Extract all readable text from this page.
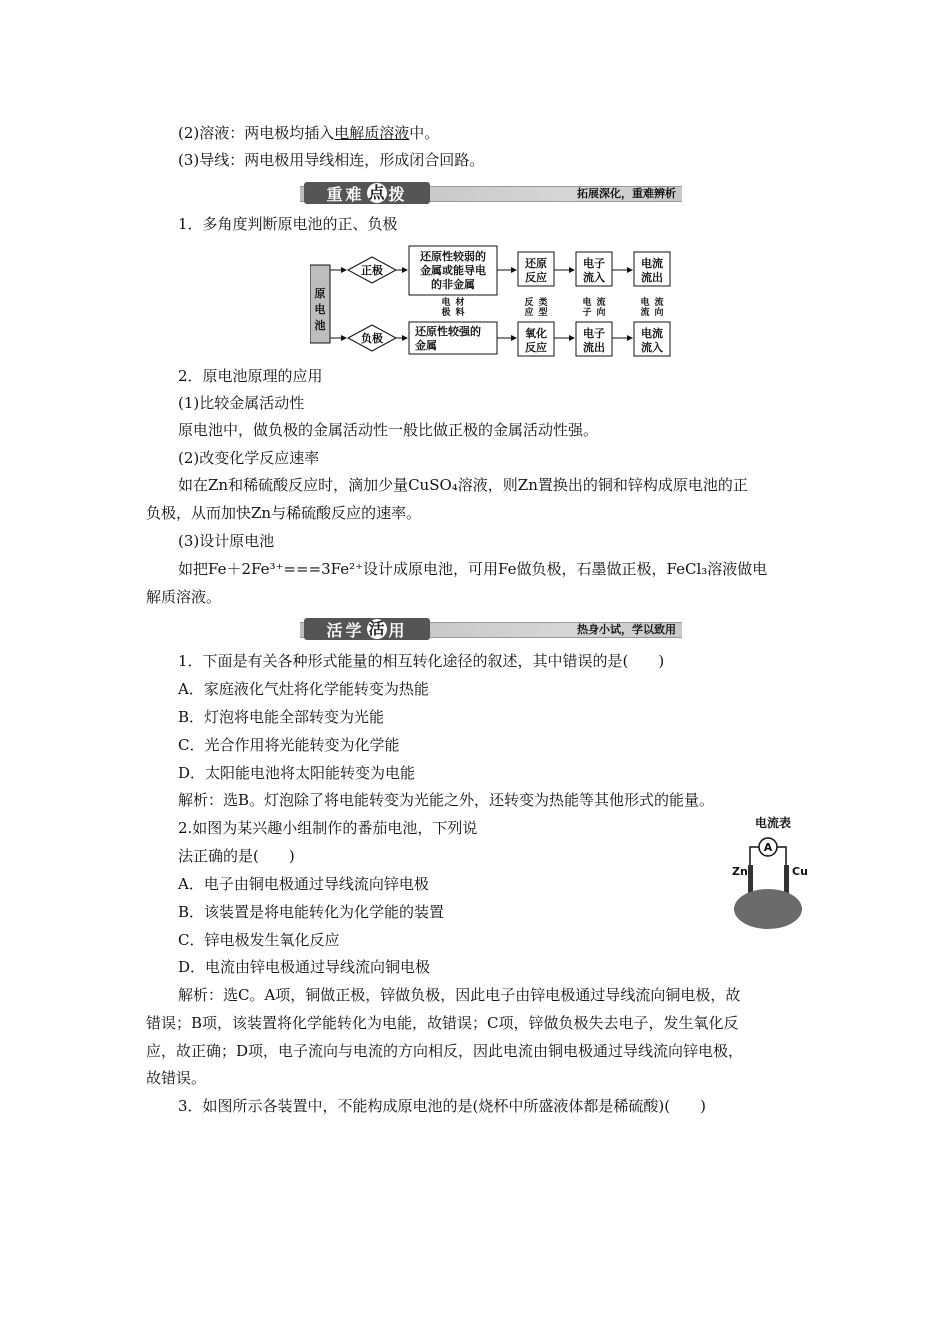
(2)溶液：两电极均插入电解质溶液中。
(3)导线：两电极用导线相连，形成闭合回路。
重难 点 拨	拓展深化，重难辨析
1．多角度判断原电池的正、负极
原
电
池
正极
负极
还原性较弱的
金属或能导电
的非金属
还原性较强的
金属
还原
反应
氧化
反应
电子
流入
电子
流出
电流
流出
电流
流入
电
极
材
料
反
应
类
型
电
子
流
向
电
流
流
向
2．原电池原理的应用
(1)比较金属活动性
原电池中，做负极的金属活动性一般比做正极的金属活动性强。
(2)改变化学反应速率
如在Zn和稀硫酸反应时，滴加少量CuSO₄溶液，则Zn置换出的铜和锌构成原电池的正
负极，从而加快Zn与稀硫酸反应的速率。
(3)设计原电池
如把Fe＋2Fe³⁺===3Fe²⁺设计成原电池，可用Fe做负极，石墨做正极，FeCl₃溶液做电
解质溶液。
活学 活 用	热身小试，学以致用
1．下面是有关各种形式能量的相互转化途径的叙述，其中错误的是(　　)
A．家庭液化气灶将化学能转变为热能
B．灯泡将电能全部转变为光能
C．光合作用将光能转变为化学能
D．太阳能电池将太阳能转变为电能
解析：选B。灯泡除了将电能转变为光能之外，还转变为热能等其他形式的能量。
2.如图为某兴趣小组制作的番茄电池，下列说
法正确的是(　　)
A．电子由铜电极通过导线流向锌电极
B．该装置是将电能转化为化学能的装置
C．锌电极发生氧化反应
D．电流由锌电极通过导线流向铜电极
解析：选C。A项，铜做正极，锌做负极，因此电子由锌电极通过导线流向铜电极，故
错误；B项，该装置将化学能转化为电能，故错误；C项，锌做负极失去电子，发生氧化反
应，故正确；D项，电子流向与电流的方向相反，因此电流由铜电极通过导线流向锌电极，
故错误。
电流表
A
Zn	Cu
3．如图所示各装置中，不能构成原电池的是(烧杯中所盛液体都是稀硫酸)(　　)
